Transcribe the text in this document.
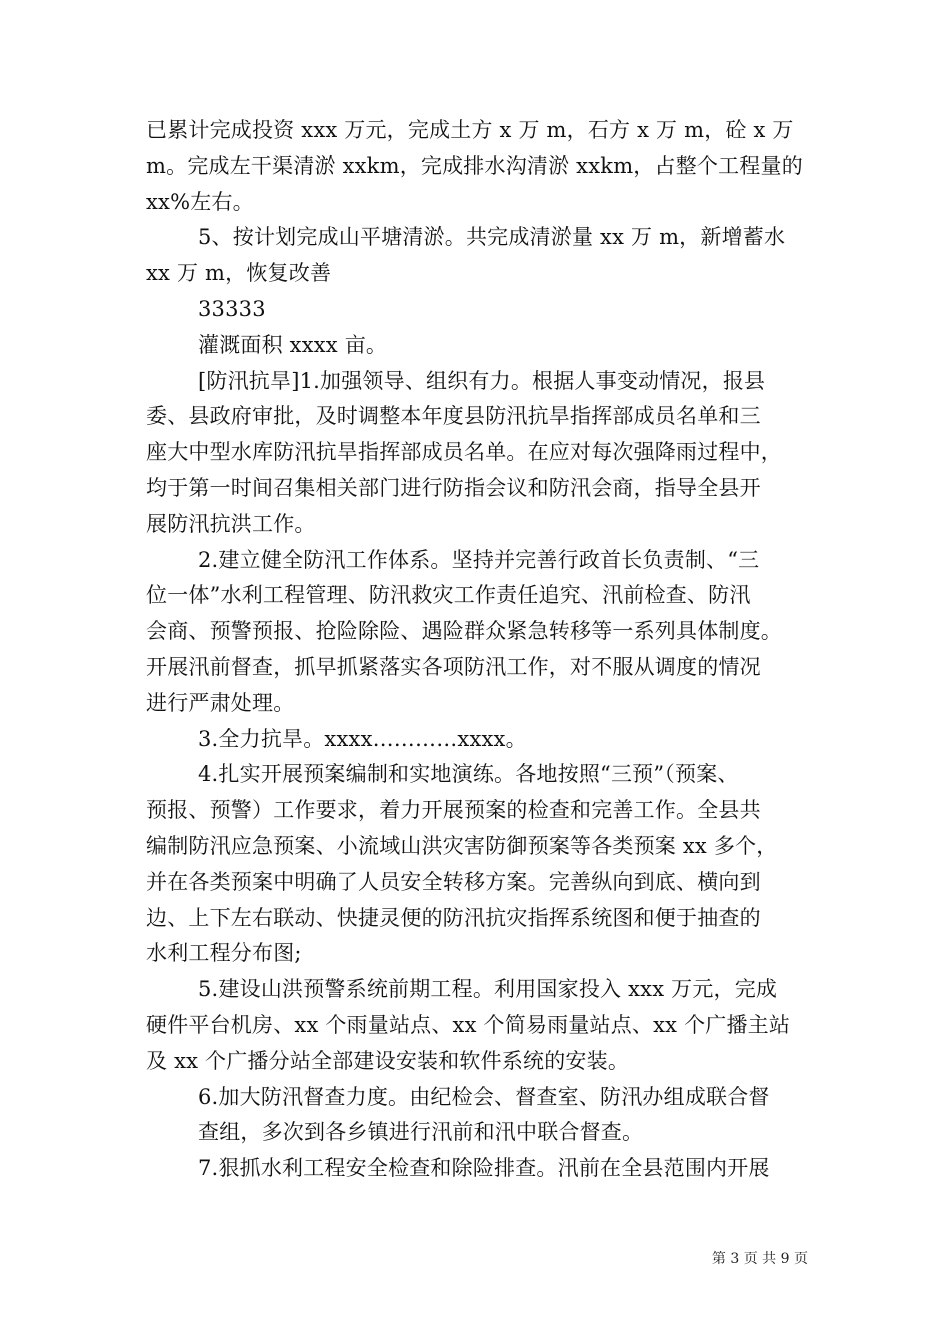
已累计完成投资 xxx 万元，完成土方 x 万 m，石方 x 万 m，砼 x 万
m。完成左干渠清淤 xxkm，完成排水沟清淤 xxkm，占整个工程量的
xx%左右。
5、按计划完成山平塘清淤。共完成清淤量 xx 万 m，新增蓄水
xx 万 m，恢复改善
33333
灌溉面积 xxxx 亩。
[防汛抗旱]1.加强领导、组织有力。根据人事变动情况，报县
委、县政府审批，及时调整本年度县防汛抗旱指挥部成员名单和三
座大中型水库防汛抗旱指挥部成员名单。在应对每次强降雨过程中，
均于第一时间召集相关部门进行防指会议和防汛会商，指导全县开
展防汛抗洪工作。
2.建立健全防汛工作体系。坚持并完善行政首长负责制、“三
位一体”水利工程管理、防汛救灾工作责任追究、汛前检查、防汛
会商、预警预报、抢险除险、遇险群众紧急转移等一系列具体制度。
开展汛前督查，抓早抓紧落实各项防汛工作，对不服从调度的情况
进行严肃处理。
3.全力抗旱。xxxx…………xxxx。
4.扎实开展预案编制和实地演练。各地按照“三预”（预案、
预报、预警）工作要求，着力开展预案的检查和完善工作。全县共
编制防汛应急预案、小流域山洪灾害防御预案等各类预案 xx 多个，
并在各类预案中明确了人员安全转移方案。完善纵向到底、横向到
边、上下左右联动、快捷灵便的防汛抗灾指挥系统图和便于抽查的
水利工程分布图;
5.建设山洪预警系统前期工程。利用国家投入 xxx 万元，完成
硬件平台机房、xx 个雨量站点、xx 个简易雨量站点、xx 个广播主站
及 xx 个广播分站全部建设安装和软件系统的安装。
6.加大防汛督查力度。由纪检会、督查室、防汛办组成联合督
查组，多次到各乡镇进行汛前和汛中联合督查。
7.狠抓水利工程安全检查和除险排查。汛前在全县范围内开展
第 3 页 共 9 页
